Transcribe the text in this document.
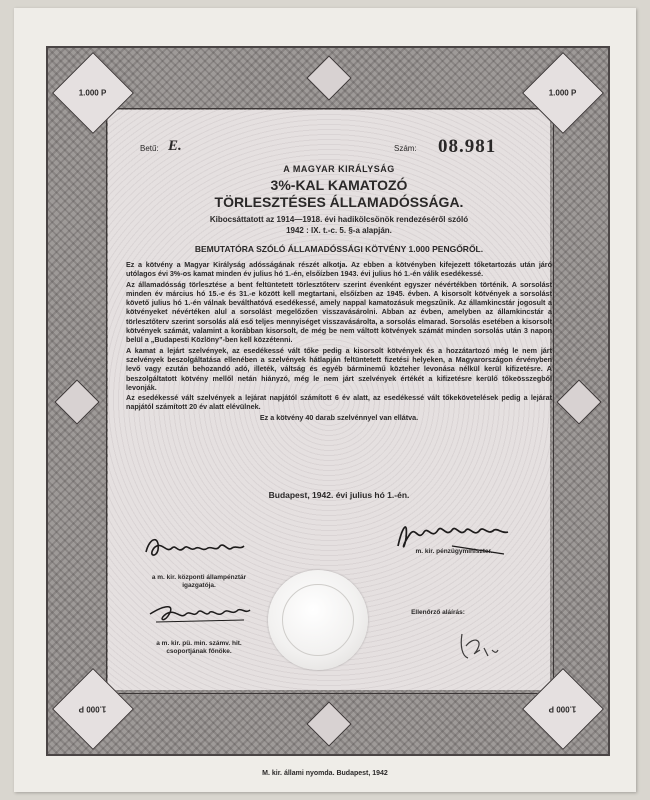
1.000 P	1.000 P
1.000 P	1.000 P
Betű: E.	Szám: 08.981
A MAGYAR KIRÁLYSÁG
3%-KAL KAMATOZÓ
TÖRLESZTÉSES ÁLLAMADÓSSÁGA.
Kibocsáttatott az 1914—1918. évi hadikölcsönök rendezéséről szóló
1942 : IX. t.-c. 5. §-a alapján.
BEMUTATÓRA SZÓLÓ ÁLLAMADÓSSÁGI KÖTVÉNY 1.000 PENGŐRŐL.

Ez a kötvény a Magyar Királyság adósságának részét alkotja. Az ebben a kötvényben kifejezett tőketartozás után járó utólagos évi 3%-os kamat minden év julius hó 1.-én, elsőízben 1943. évi julius hó 1.-én válik esedékessé.

Az államadósság törlesztése a bent feltüntetett törlesztőterv szerint évenként egyszer névértékben történik. A sorsolást minden év március hó 15.-e és 31.-e között kell megtartani, elsőízben az 1945. évben. A kisorsolt kötvények a sorsolást követő julius hó 1.-én válnak beválthatóvá esedékessé, amely nappal kamatozásuk megszűnik. Az államkincstár jogosult a kötvényeket névértéken alul a sorsolást megelőzően visszavásárolni. Abban az évben, amelyben az államkincstár a törlesztőterv szerint sorsolás alá eső teljes mennyiséget visszavásárolta, a sorsolás elmarad. Sorsolás esetében a kisorsolt kötvények számát, valamint a korábban kisorsolt, de még be nem váltott kötvények számát minden sorsolás után 3 napon belül a „Budapesti Közlöny”-ben kell közzétenni.

A kamat a lejárt szelvények, az esedékessé vált tőke pedig a kisorsolt kötvények és a hozzátartozó még le nem járt szelvények beszolgáltatása ellenében a szelvények hátlapján feltüntetett fizetési helyeken, a Magyarországon érvényben levő vagy ezután behozandó adó, illeték, váltság és egyéb bárminemű közteher levonása nélkül kerül kifizetésre. A beszolgáltatott kötvény mellől netán hiányzó, még le nem járt szelvények értékét a kifizetésre kerülő tőkeösszegből levonják.

Az esedékessé vált szelvények a lejárat napjától számított 6 év alatt, az esedékessé vált tőkekövetelések pedig a lejárat napjától számított 20 év alatt elévülnek.

Ez a kötvény 40 darab szelvénnyel van ellátva.

Budapest, 1942. évi julius hó 1.-én.
a m. kir. központi állampénztár
igazgatója.
a m. kir. pü. min. számv. hit.
csoportjának főnöke.
m. kir. pénzügyminiszter.
Ellenőrző aláírás:
M. kir. állami nyomda. Budapest, 1942
